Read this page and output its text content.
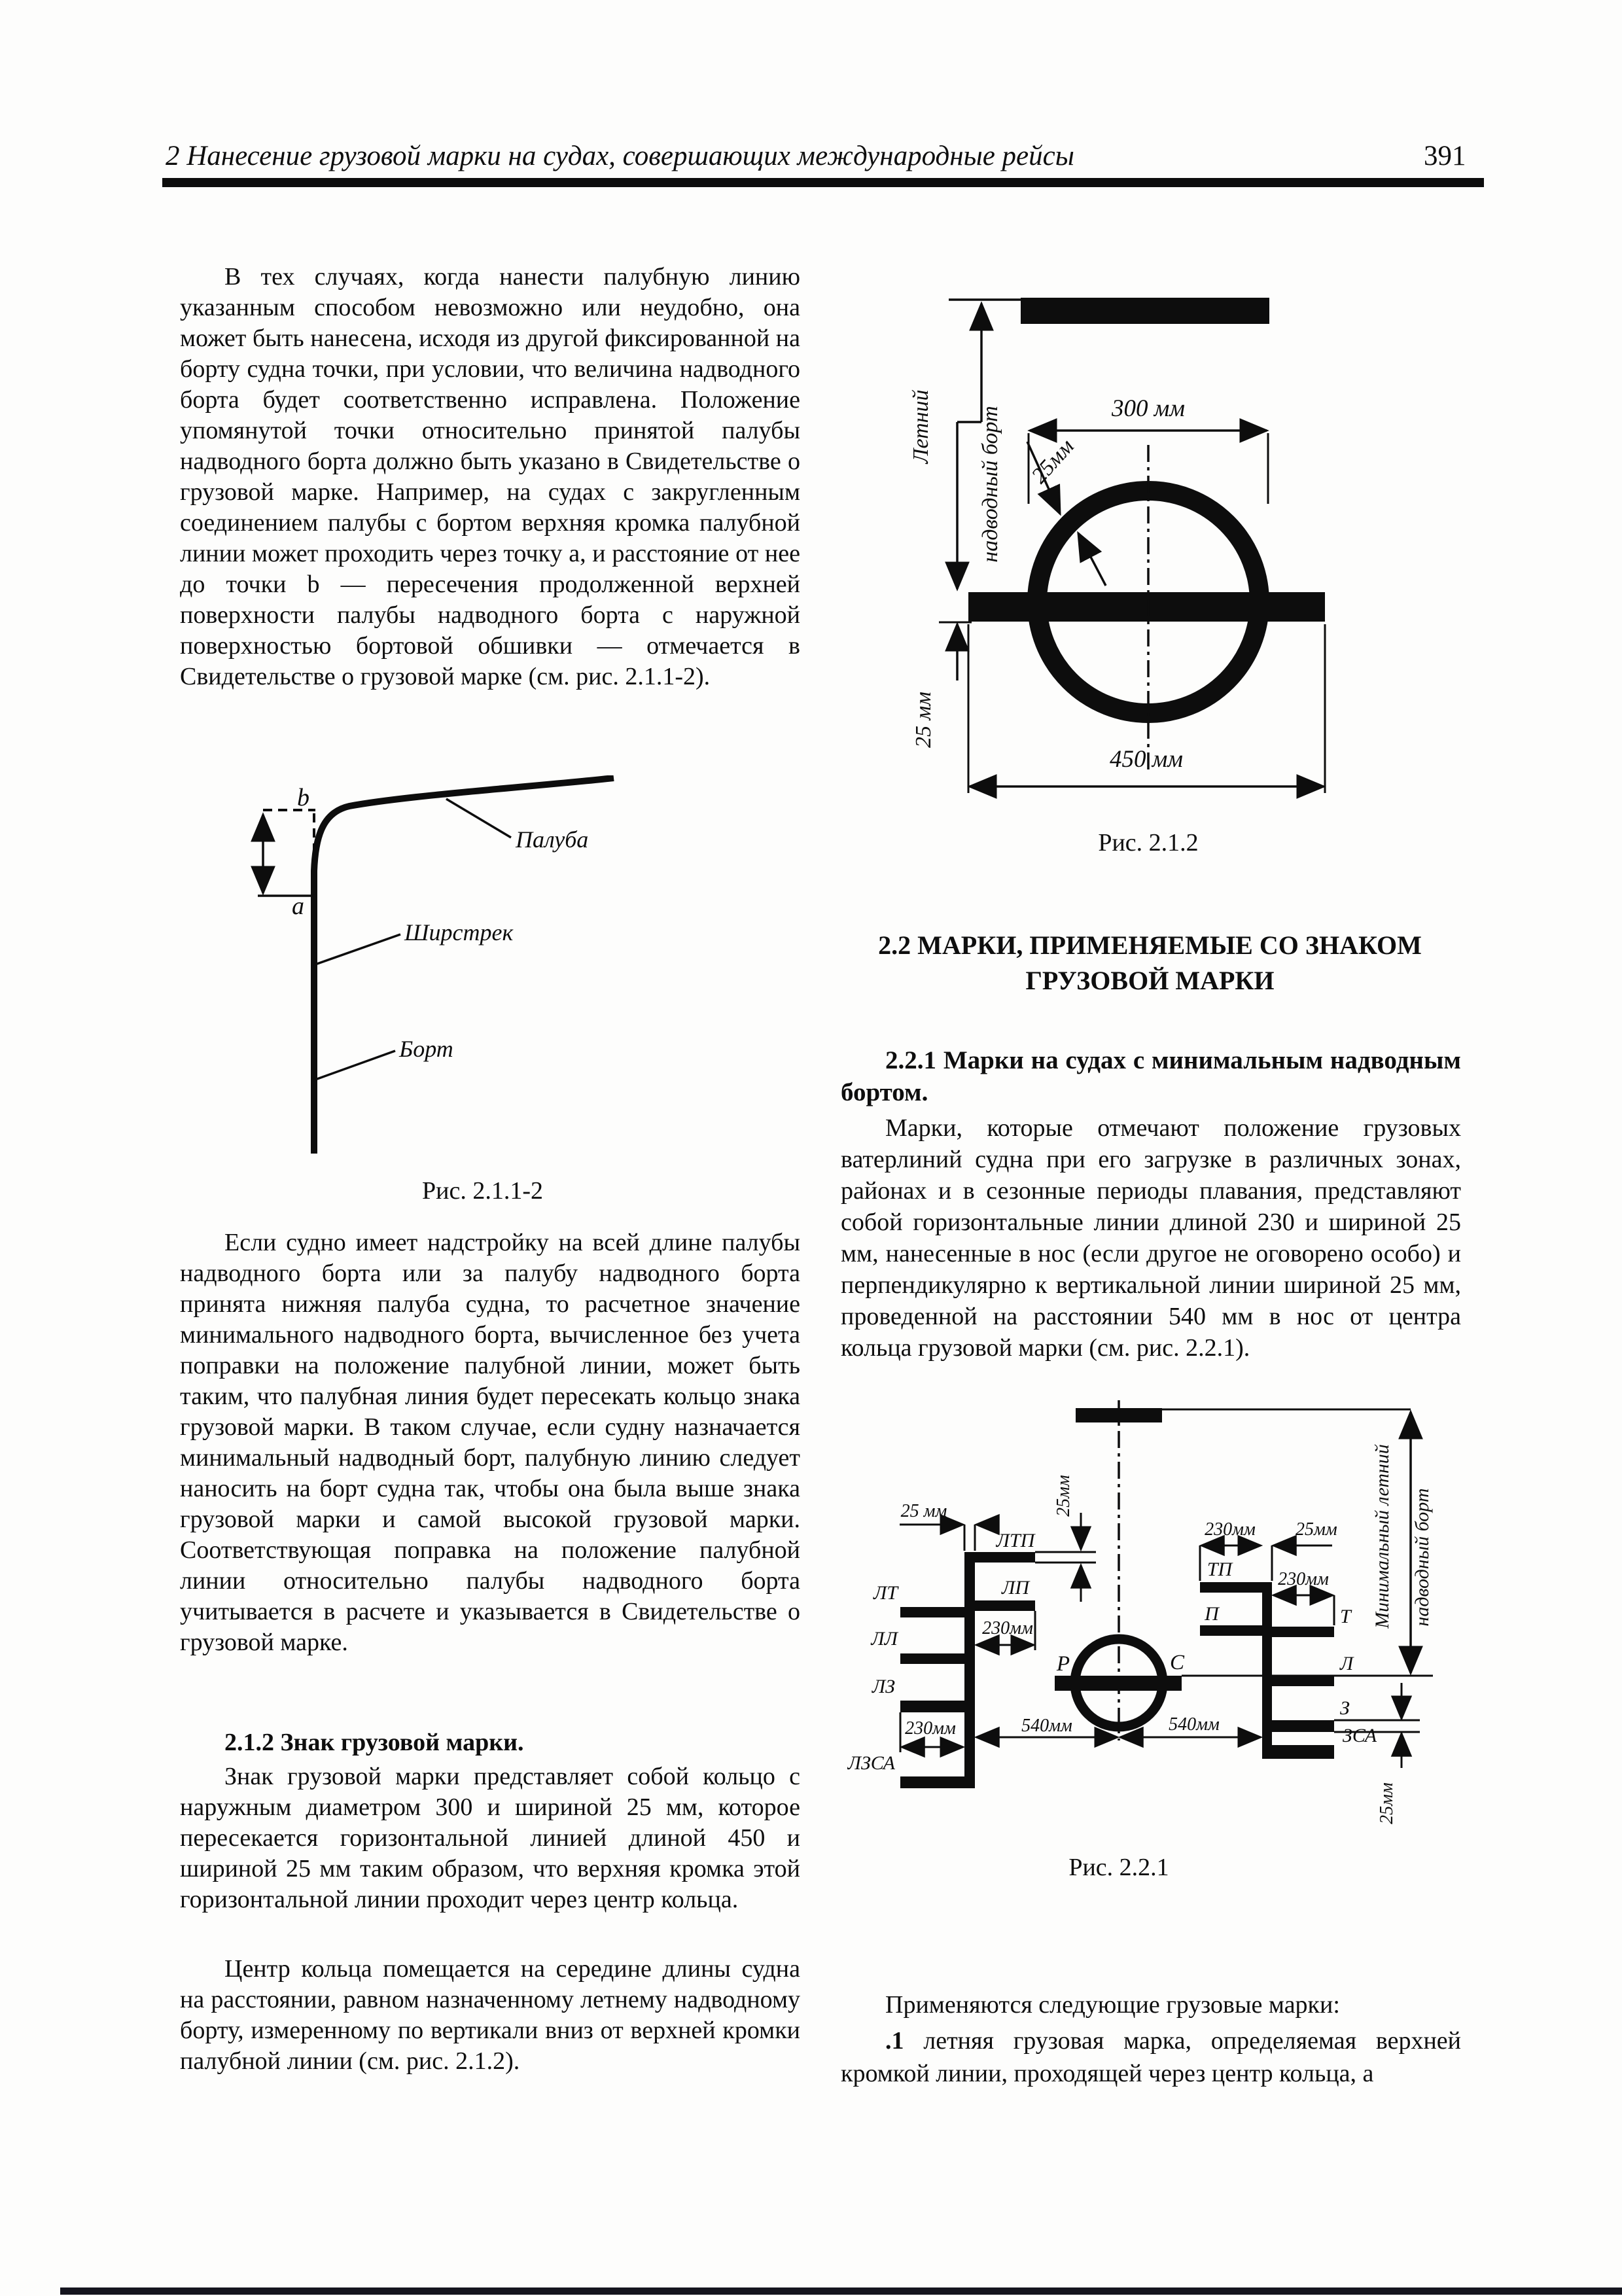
2 Нанесение грузовой марки на судах, совершающих международные рейсы	391

В тех случаях, когда нанести палубную линию указанным способом невозможно или неудобно, она может быть нанесена, исходя из другой фиксированной на борту судна точки, при условии, что величина надводного борта будет соответственно исправлена. Положение упомянутой точки относительно принятой палубы надводного борта должно быть указано в Свидетельстве о грузовой марке. Например, на судах с закругленным соединением палубы с бортом верхняя кромка палубной линии может проходить через точку a, и расстояние от нее до точки b — пересечения продолженной верхней поверхности палубы надводного борта с наружной поверхностью бортовой обшивки — отмечается в Свидетельстве о грузовой марке (см. рис. 2.1.1-2).

b
a
Палуба
Ширстрек
Борт

Рис. 2.1.1-2

Если судно имеет надстройку на всей длине палубы надводного борта или за палубу надводного борта принята нижняя палуба судна, то расчетное значение минимального надводного борта, вычисленное без учета поправки на положение палубной линии, может быть таким, что палубная линия будет пересекать кольцо знака грузовой марки. В таком случае, если судну назначается минимальный надводный борт, палубную линию следует наносить на борт судна так, чтобы она была выше знака грузовой марки и самой высокой грузовой марки. Соответствующая поправка на положение палубной линии относительно палубы надводного борта учитывается в расчете и указывается в Свидетельстве о грузовой марке.

2.1.2 Знак грузовой марки.

Знак грузовой марки представляет собой кольцо с наружным диаметром 300 и шириной 25 мм, которое пересекается горизонтальной линией длиной 450 и шириной 25 мм таким образом, что верхняя кромка этой горизонтальной линии проходит через центр кольца.

Центр кольца помещается на середине длины судна на расстоянии, равном назначенному летнему надводному борту, измеренному по вертикали вниз от верхней кромки палубной линии (см. рис. 2.1.2).

Летний надводный борт	300 мм
25мм
450 мм
25 мм

Рис. 2.1.2

2.2 МАРКИ, ПРИМЕНЯЕМЫЕ СО ЗНАКОМ ГРУЗОВОЙ МАРКИ

2.2.1 Марки на судах с минимальным надводным бортом.

Марки, которые отмечают положение грузовых ватерлиний судна при его загрузке в различных зонах, районах и в сезонные периоды плавания, представляют собой горизонтальные линии длиной 230 и шириной 25 мм, нанесенные в нос (если другое не оговорено особо) и перпендикулярно к вертикальной линии шириной 25 мм, проведенной на расстоянии 540 мм в нос от центра кольца грузовой марки (см. рис. 2.2.1).

Минимальный летний надводный борт
Р	С
ЛТП
ЛП
ЛТ
ЛЛ
ЛЗ
ЛЗСА
25 мм	25мм
230мм
230мм
ТП
П	Т
Л
З
ЗСА
230мм 25мм
230мм
25мм
540мм	540мм

Рис. 2.2.1

Применяются следующие грузовые марки:

.1 летняя грузовая марка, определяемая верхней кромкой линии, проходящей через центр кольца, а
